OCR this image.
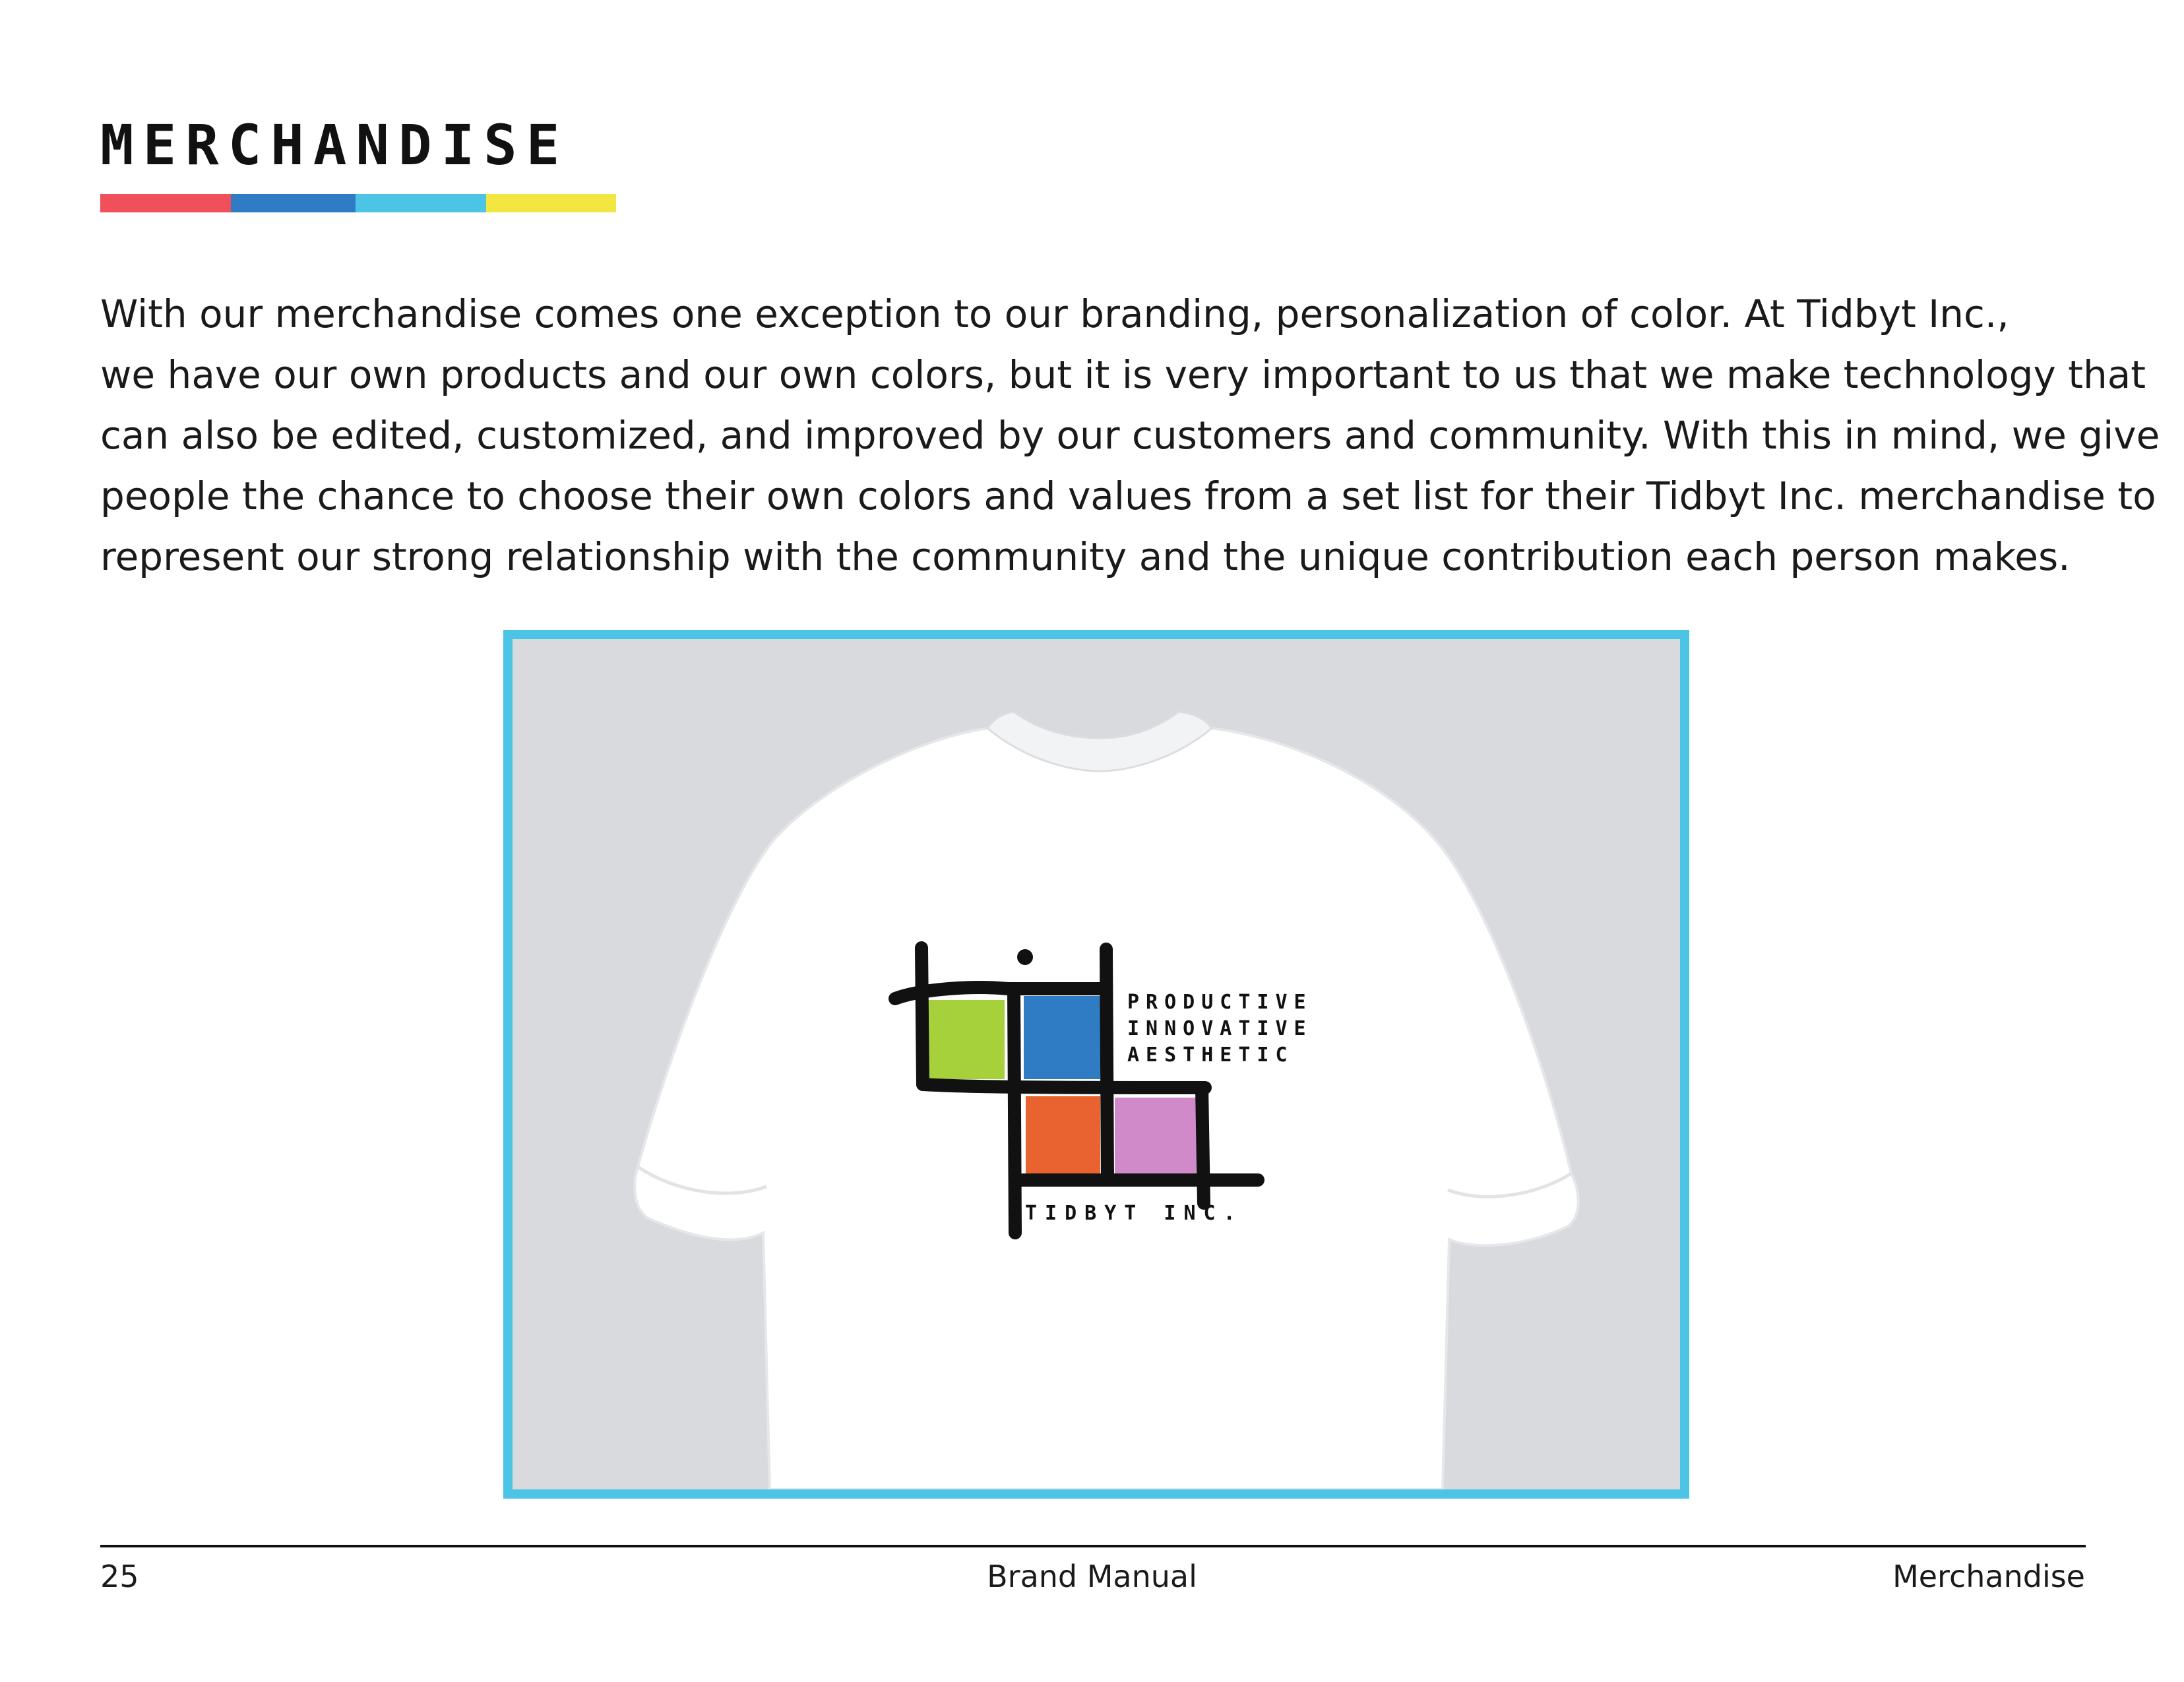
MERCHANDISE
With our merchandise comes one exception to our branding, personalization of color. At Tidbyt Inc.,
we have our own products and our own colors, but it is very important to us that we make technology that
can also be edited, customized, and improved by our customers and community. With this in mind, we give
people the chance to choose their own colors and values from a set list for their Tidbyt Inc. merchandise to
represent our strong relationship with the community and the unique contribution each person makes.
PRODUCTIVE
INNOVATIVE
AESTHETIC
TIDBYT INC.
25	Brand Manual	Merchandise
